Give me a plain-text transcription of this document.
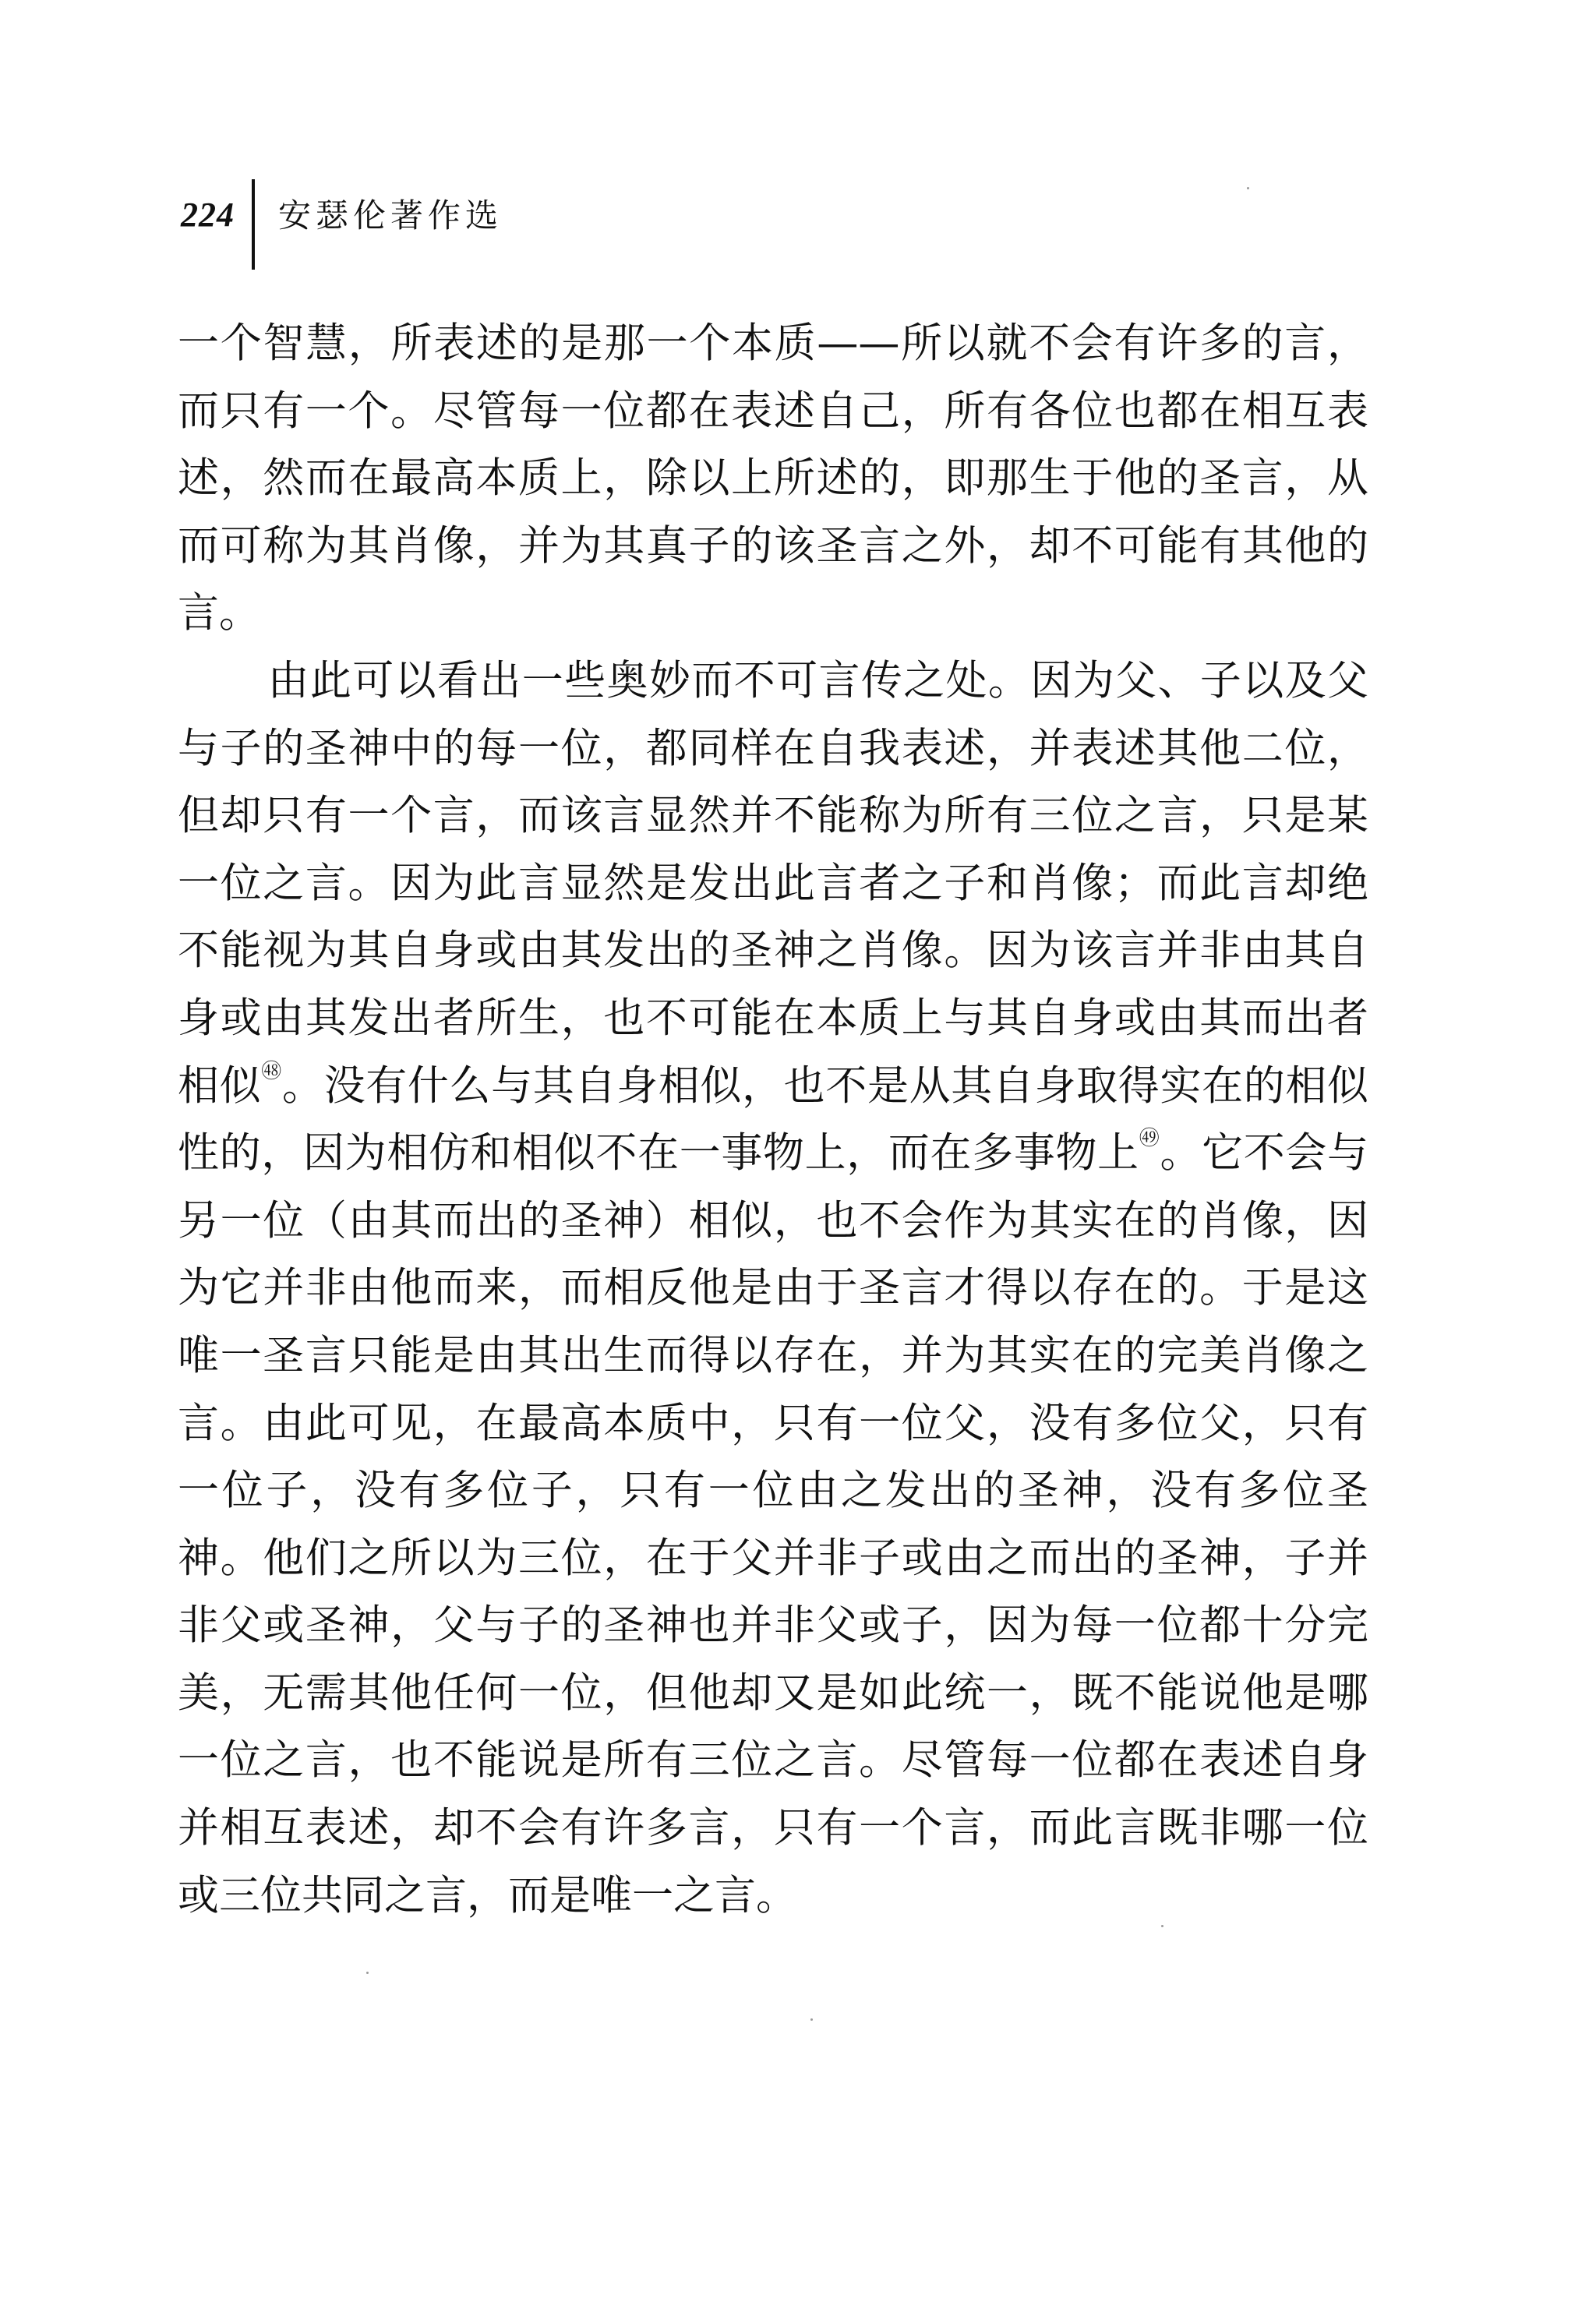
224 安瑟伦著作选

一个智慧，所表述的是那一个本质——所以就不会有许多的言，而只有一个。尽管每一位都在表述自己，所有各位也都在相互表述，然而在最高本质上，除以上所述的，即那生于他的圣言，从而可称为其肖像，并为其真子的该圣言之外，却不可能有其他的言。

由此可以看出一些奥妙而不可言传之处。因为父、子以及父与子的圣神中的每一位，都同样在自我表述，并表述其他二位，但却只有一个言，而该言显然并不能称为所有三位之言，只是某一位之言。因为此言显然是发出此言者之子和肖像；而此言却绝不能视为其自身或由其发出的圣神之肖像。因为该言并非由其自身或由其发出者所生，也不可能在本质上与其自身或由其而出者相似$^㊽$。没有什么与其自身相似，也不是从其自身取得实在的相似性的，因为相仿和相似不在一事物上，而在多事物上$^㊾$。它不会与另一位（由其而出的圣神）相似，也不会作为其实在的肖像，因为它并非由他而来，而相反他是由于圣言才得以存在的。于是这唯一圣言只能是由其出生而得以存在，并为其实在的完美肖像之言。由此可见，在最高本质中，只有一位父，没有多位父，只有一位子，没有多位子，只有一位由之发出的圣神，没有多位圣神。他们之所以为三位，在于父并非子或由之而出的圣神，子并非父或圣神，父与子的圣神也并非父或子，因为每一位都十分完美，无需其他任何一位，但他却又是如此统一，既不能说他是哪一位之言，也不能说是所有三位之言。尽管每一位都在表述自身并相互表述，却不会有许多言，只有一个言，而此言既非哪一位或三位共同之言，而是唯一之言。
